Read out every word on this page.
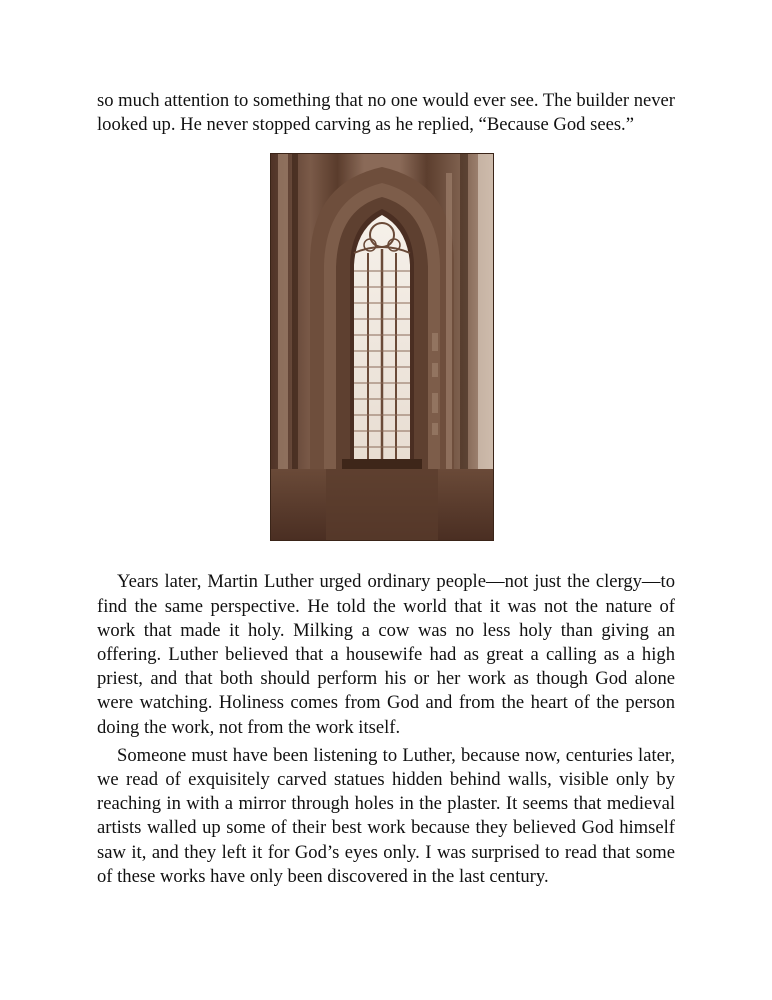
so much attention to something that no one would ever see. The builder never looked up. He never stopped carving as he replied, “Because God sees.”

Years later, Martin Luther urged ordinary people—not just the clergy—to find the same perspective. He told the world that it was not the nature of work that made it holy. Milking a cow was no less holy than giving an offering. Luther believed that a housewife had as great a calling as a high priest, and that both should perform his or her work as though God alone were watching. Holiness comes from God and from the heart of the person doing the work, not from the work itself.

Someone must have been listening to Luther, because now, centuries later, we read of exquisitely carved statues hidden behind walls, visible only by reaching in with a mirror through holes in the plaster. It seems that medieval artists walled up some of their best work because they believed God himself saw it, and they left it for God’s eyes only. I was surprised to read that some of these works have only been discovered in the last century.
